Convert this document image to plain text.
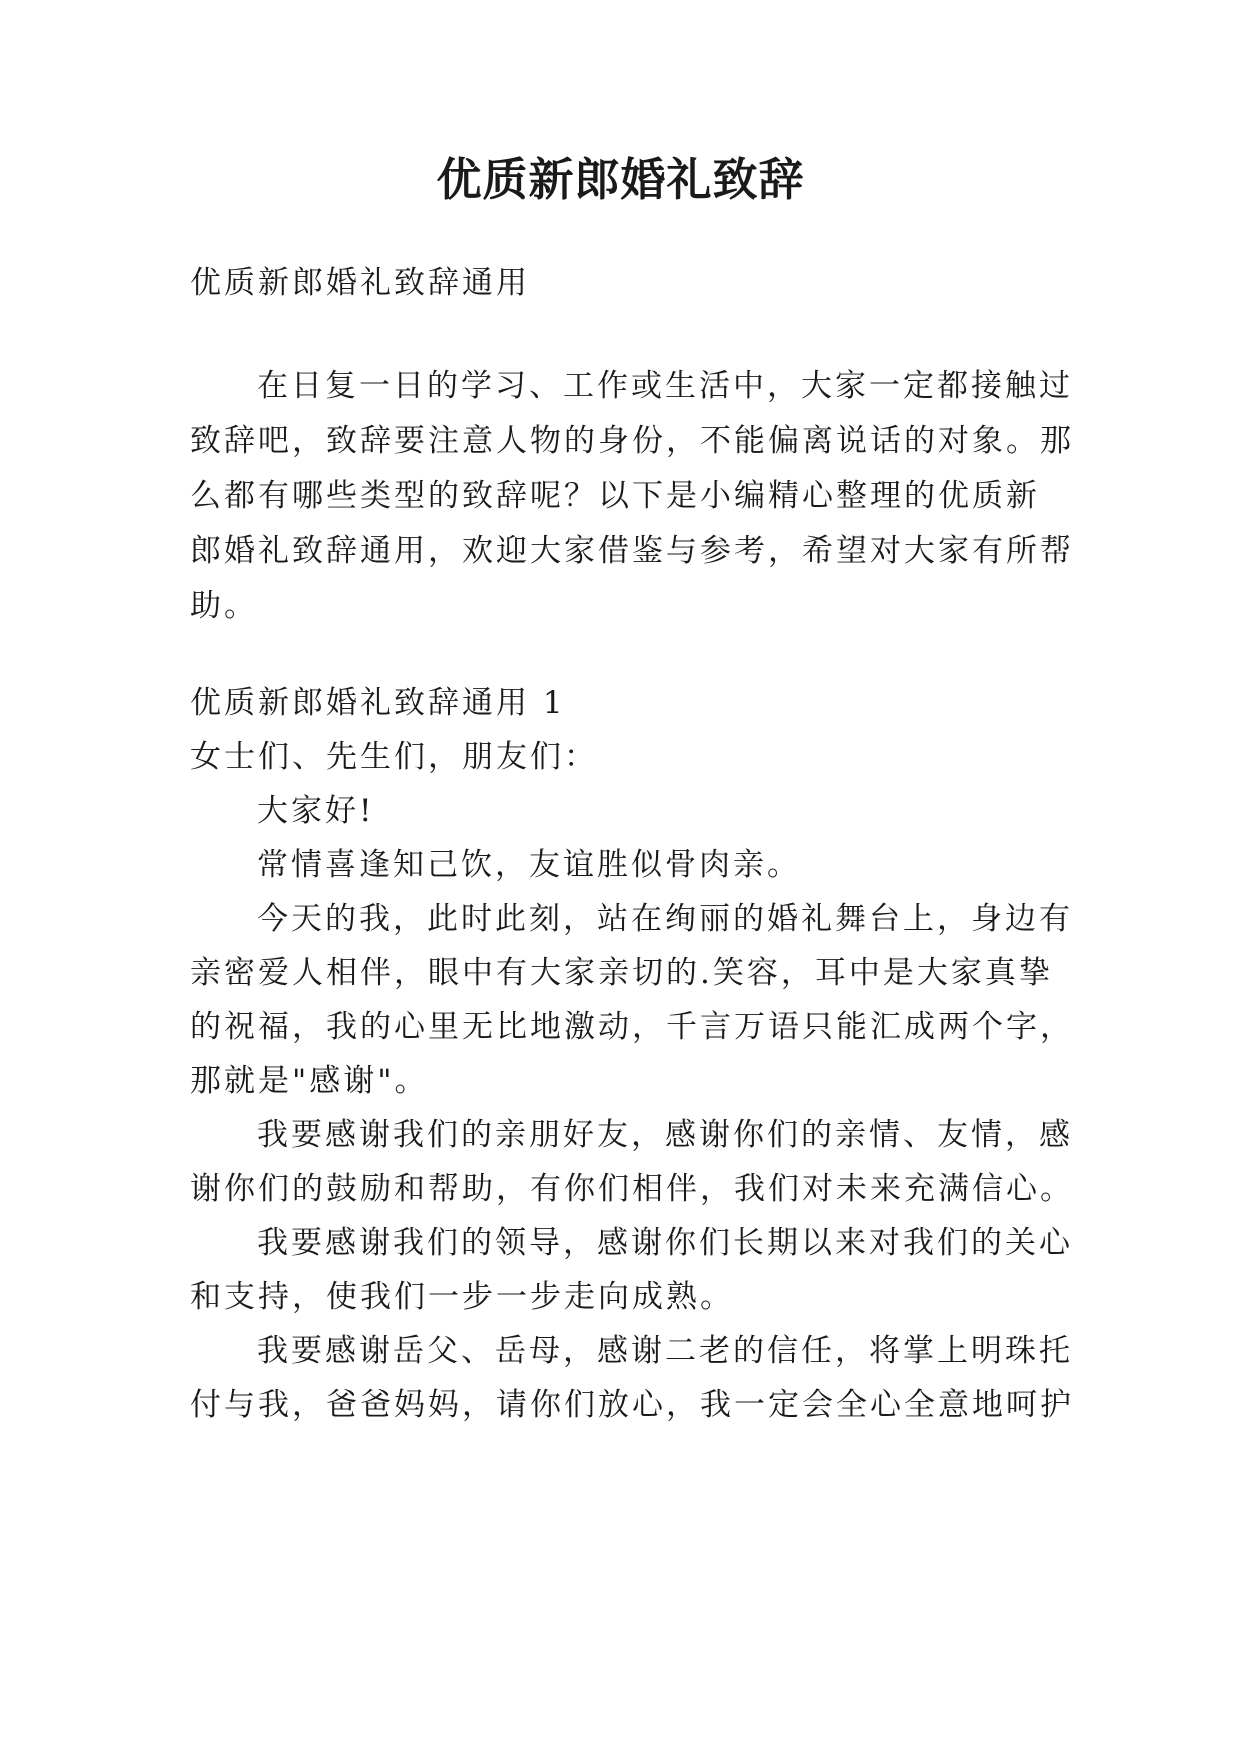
优质新郎婚礼致辞

优质新郎婚礼致辞通用

在日复一日的学习、工作或生活中，大家一定都接触过

致辞吧，致辞要注意人物的身份，不能偏离说话的对象。那

么都有哪些类型的致辞呢？以下是小编精心整理的优质新

郎婚礼致辞通用，欢迎大家借鉴与参考，希望对大家有所帮

助。

优质新郎婚礼致辞通用 1

女士们、先生们，朋友们：

大家好!

常情喜逢知己饮，友谊胜似骨肉亲。

今天的我，此时此刻，站在绚丽的婚礼舞台上，身边有

亲密爱人相伴，眼中有大家亲切的.笑容，耳中是大家真挚

的祝福，我的心里无比地激动，千言万语只能汇成两个字，

那就是"感谢"。

我要感谢我们的亲朋好友，感谢你们的亲情、友情，感

谢你们的鼓励和帮助，有你们相伴，我们对未来充满信心。

我要感谢我们的领导，感谢你们长期以来对我们的关心

和支持，使我们一步一步走向成熟。

我要感谢岳父、岳母，感谢二老的信任，将掌上明珠托

付与我，爸爸妈妈，请你们放心，我一定会全心全意地呵护
